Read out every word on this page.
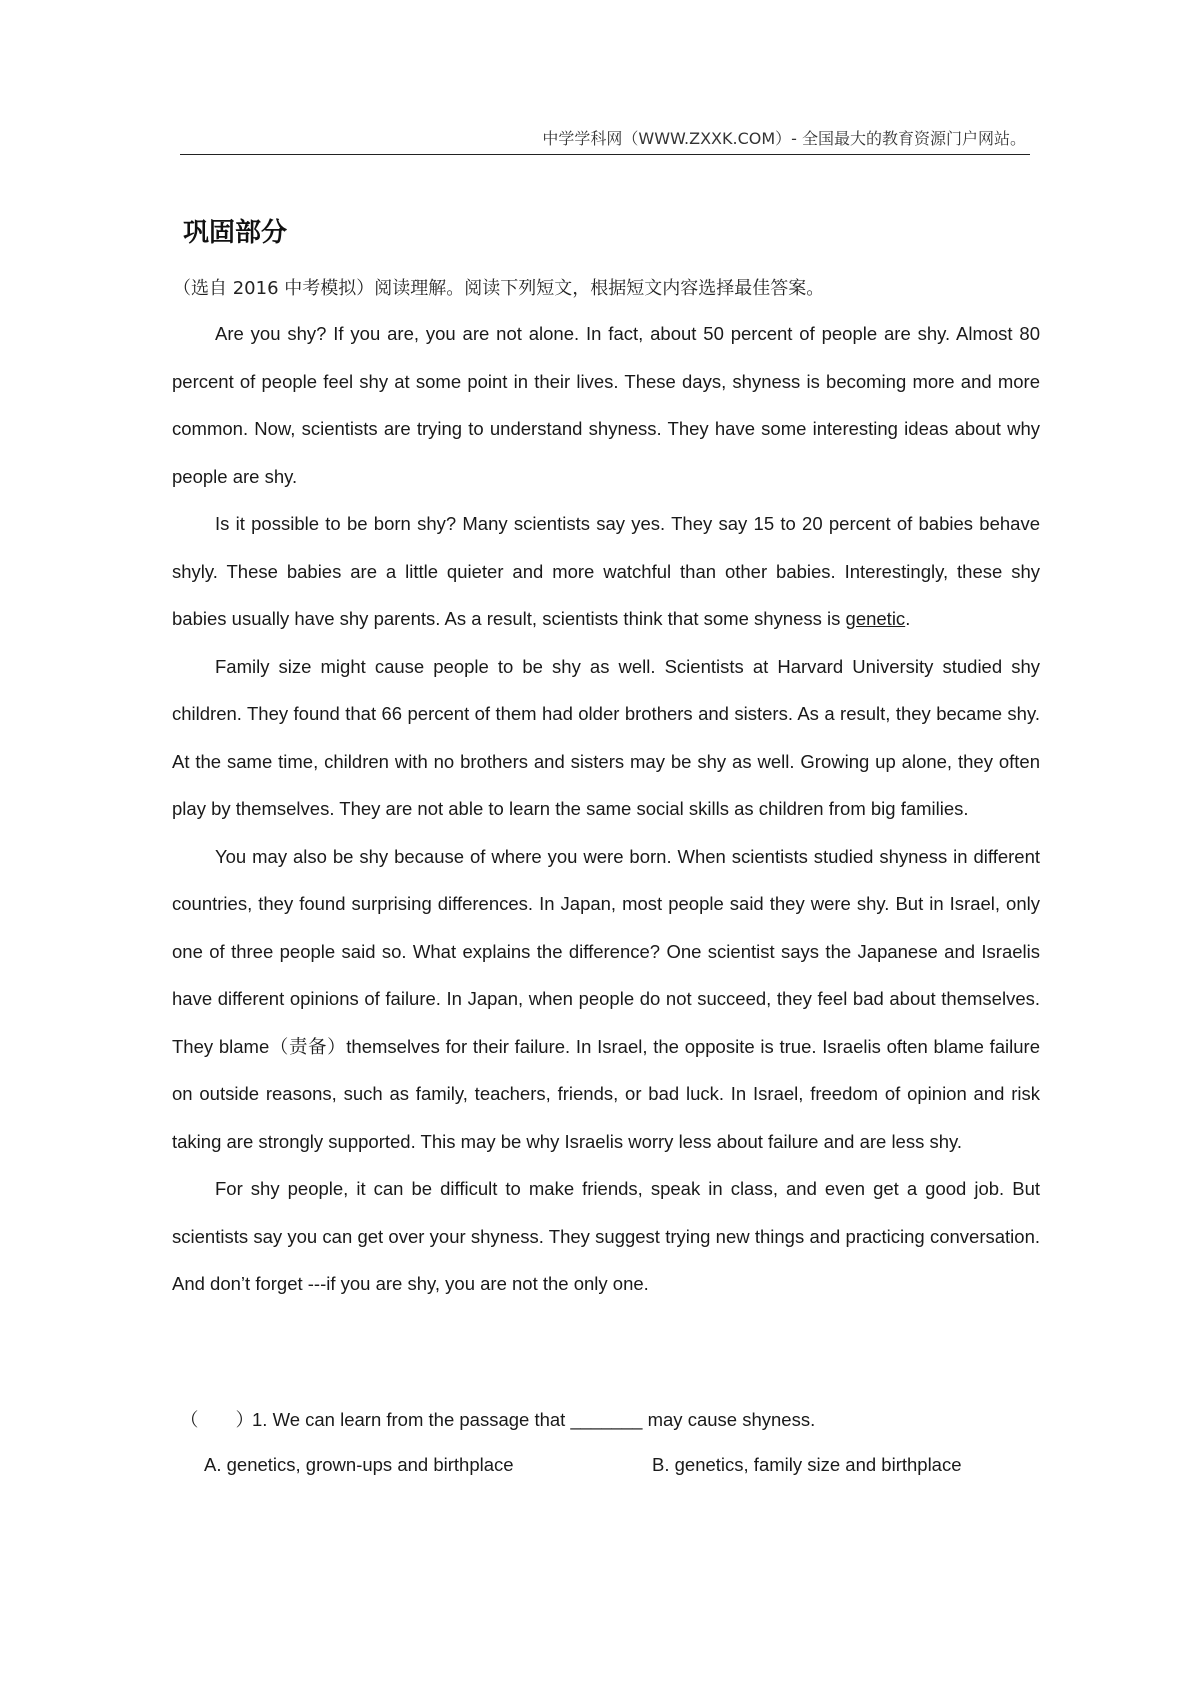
中学学科网（WWW.ZXXK.COM）- 全国最大的教育资源门户网站。
巩固部分
（选自 2016 中考模拟）阅读理解。阅读下列短文，根据短文内容选择最佳答案。

Are you shy? If you are, you are not alone. In fact, about 50 percent of people are shy. Almost 80 percent of people feel shy at some point in their lives. These days, shyness is becoming more and more common. Now, scientists are trying to understand shyness. They have some interesting ideas about why people are shy.

Is it possible to be born shy? Many scientists say yes. They say 15 to 20 percent of babies behave shyly. These babies are a little quieter and more watchful than other babies. Interestingly, these shy babies usually have shy parents. As a result, scientists think that some shyness is genetic.

Family size might cause people to be shy as well. Scientists at Harvard University studied shy children. They found that 66 percent of them had older brothers and sisters. As a result, they became shy. At the same time, children with no brothers and sisters may be shy as well. Growing up alone, they often play by themselves. They are not able to learn the same social skills as children from big families.

You may also be shy because of where you were born. When scientists studied shyness in different countries, they found surprising differences. In Japan, most people said they were shy. But in Israel, only one of three people said so. What explains the difference? One scientist says the Japanese and Israelis have different opinions of failure. In Japan, when people do not succeed, they feel bad about themselves. They blame（责备）themselves for their failure. In Israel, the opposite is true. Israelis often blame failure on outside reasons, such as family, teachers, friends, or bad luck. In Israel, freedom of opinion and risk taking are strongly supported. This may be why Israelis worry less about failure and are less shy.

For shy people, it can be difficult to make friends, speak in class, and even get a good job. But scientists say you can get over your shyness. They suggest trying new things and practicing conversation. And don’t forget ---if you are shy, you are not the only one.

（　　）1. We can learn from the passage that _______ may cause shyness.
A. genetics, grown-ups and birthplace	B. genetics, family size and birthplace
